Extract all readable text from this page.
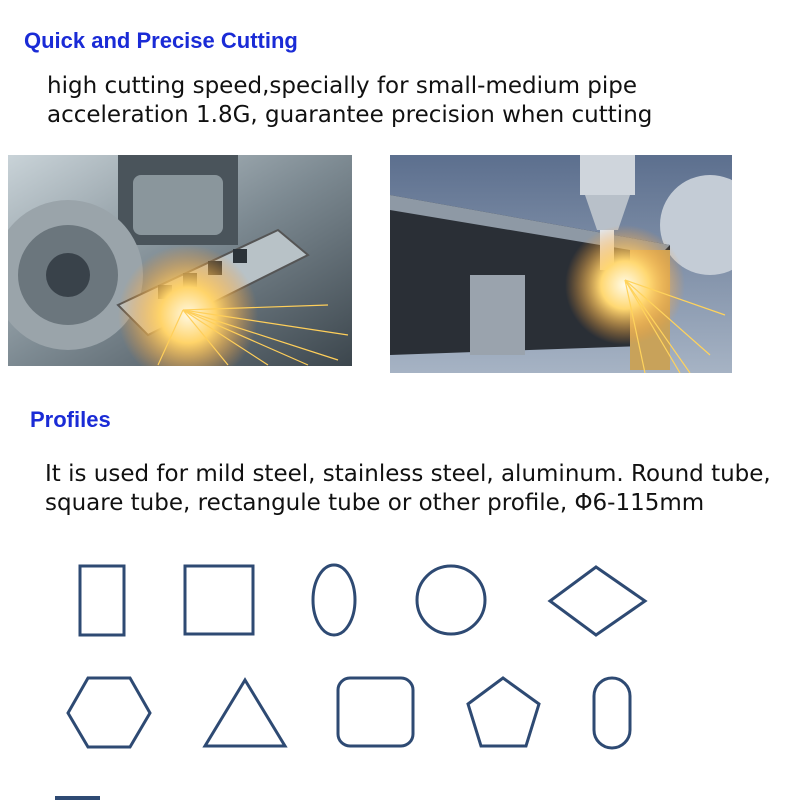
Quick and Precise Cutting
high cutting speed,specially for small-medium pipe
acceleration 1.8G, guarantee precision when cutting
Profiles
It is used for mild steel, stainless steel, aluminum. Round tube,
square tube, rectangule tube or other profile, Φ6-115mm
